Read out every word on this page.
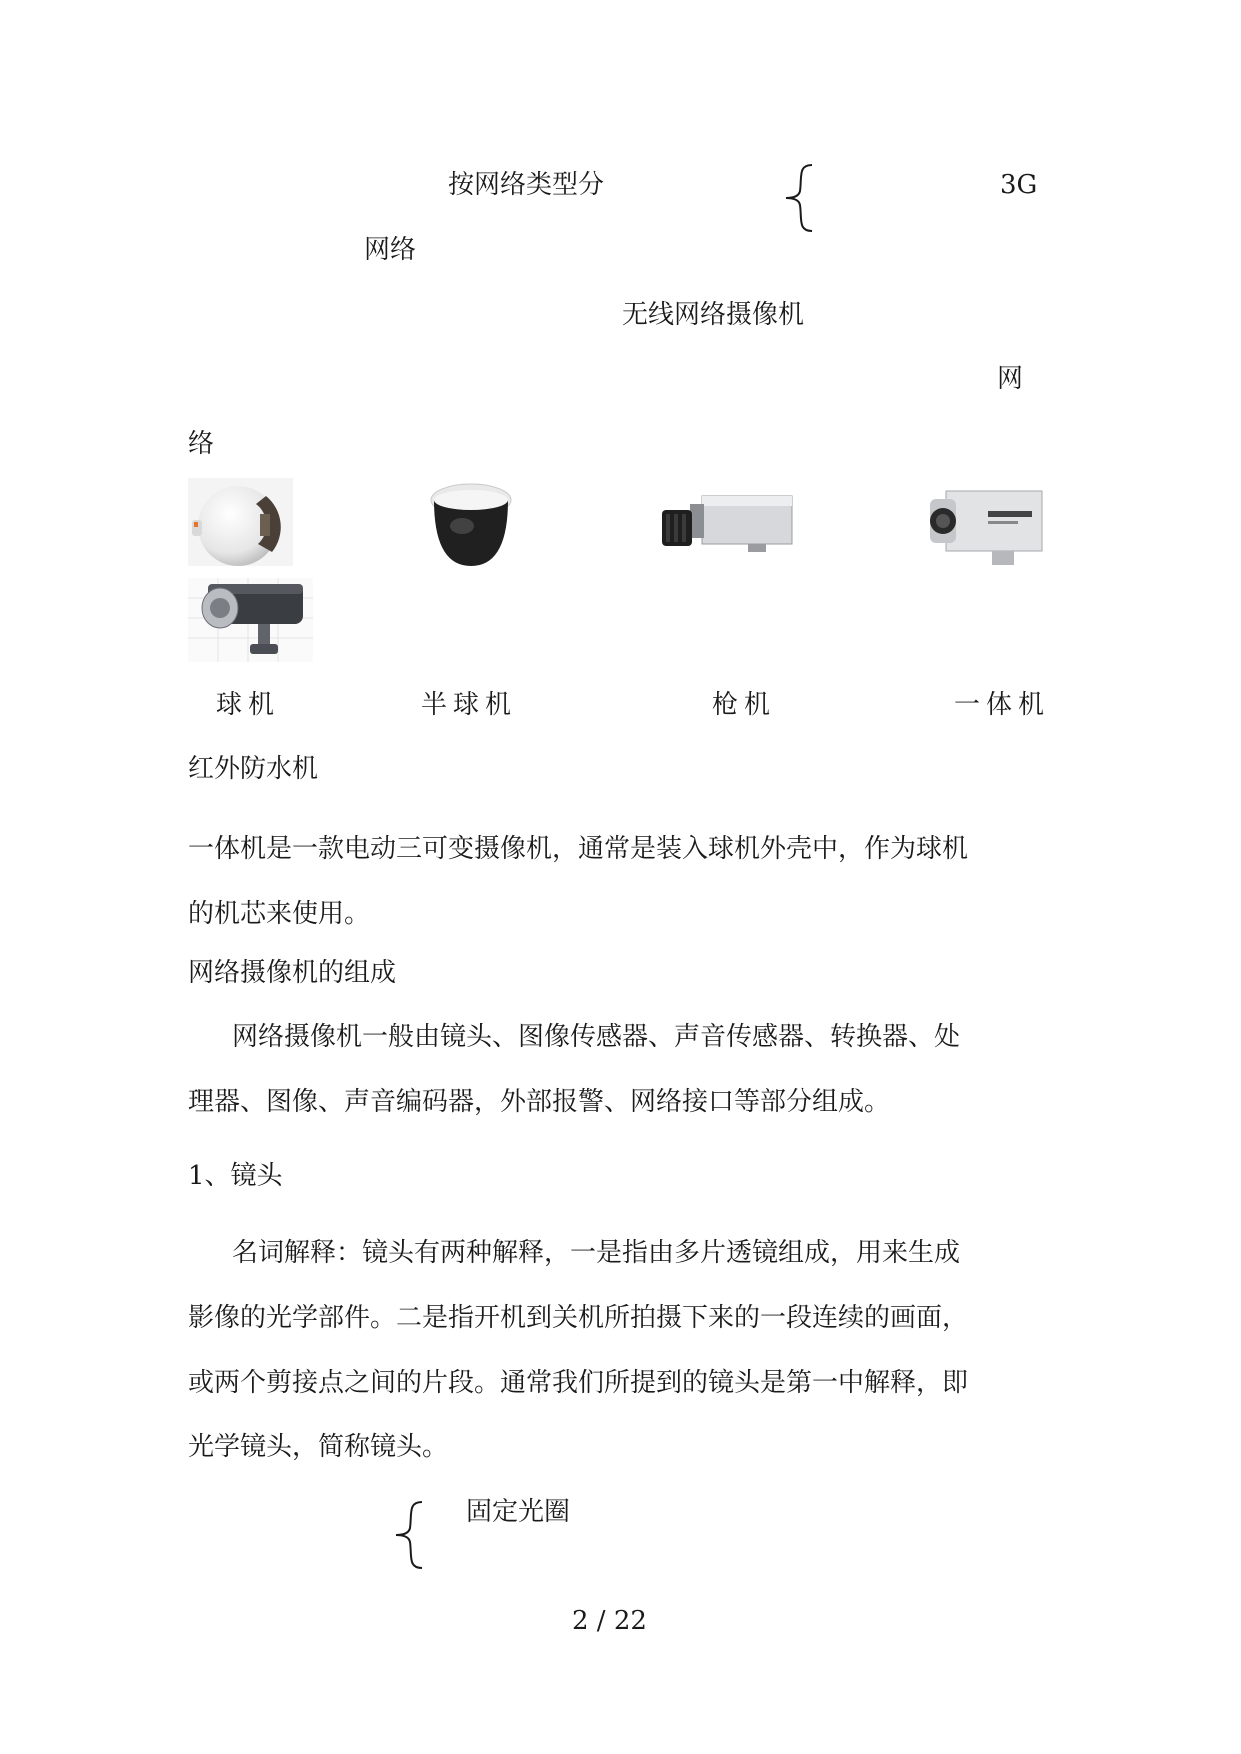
按网络类型分	3G
网络
无线网络摄像机
网
络
球机	半球机	枪机	一体机
红外防水机
一体机是一款电动三可变摄像机，通常是装入球机外壳中，作为球机
的机芯来使用。
网络摄像机的组成
网络摄像机一般由镜头、图像传感器、声音传感器、转换器、处
理器、图像、声音编码器，外部报警、网络接口等部分组成。
1、镜头
名词解释：镜头有两种解释，一是指由多片透镜组成，用来生成
影像的光学部件。二是指开机到关机所拍摄下来的一段连续的画面，
或两个剪接点之间的片段。通常我们所提到的镜头是第一中解释，即
光学镜头，简称镜头。
固定光圈
2 / 22
